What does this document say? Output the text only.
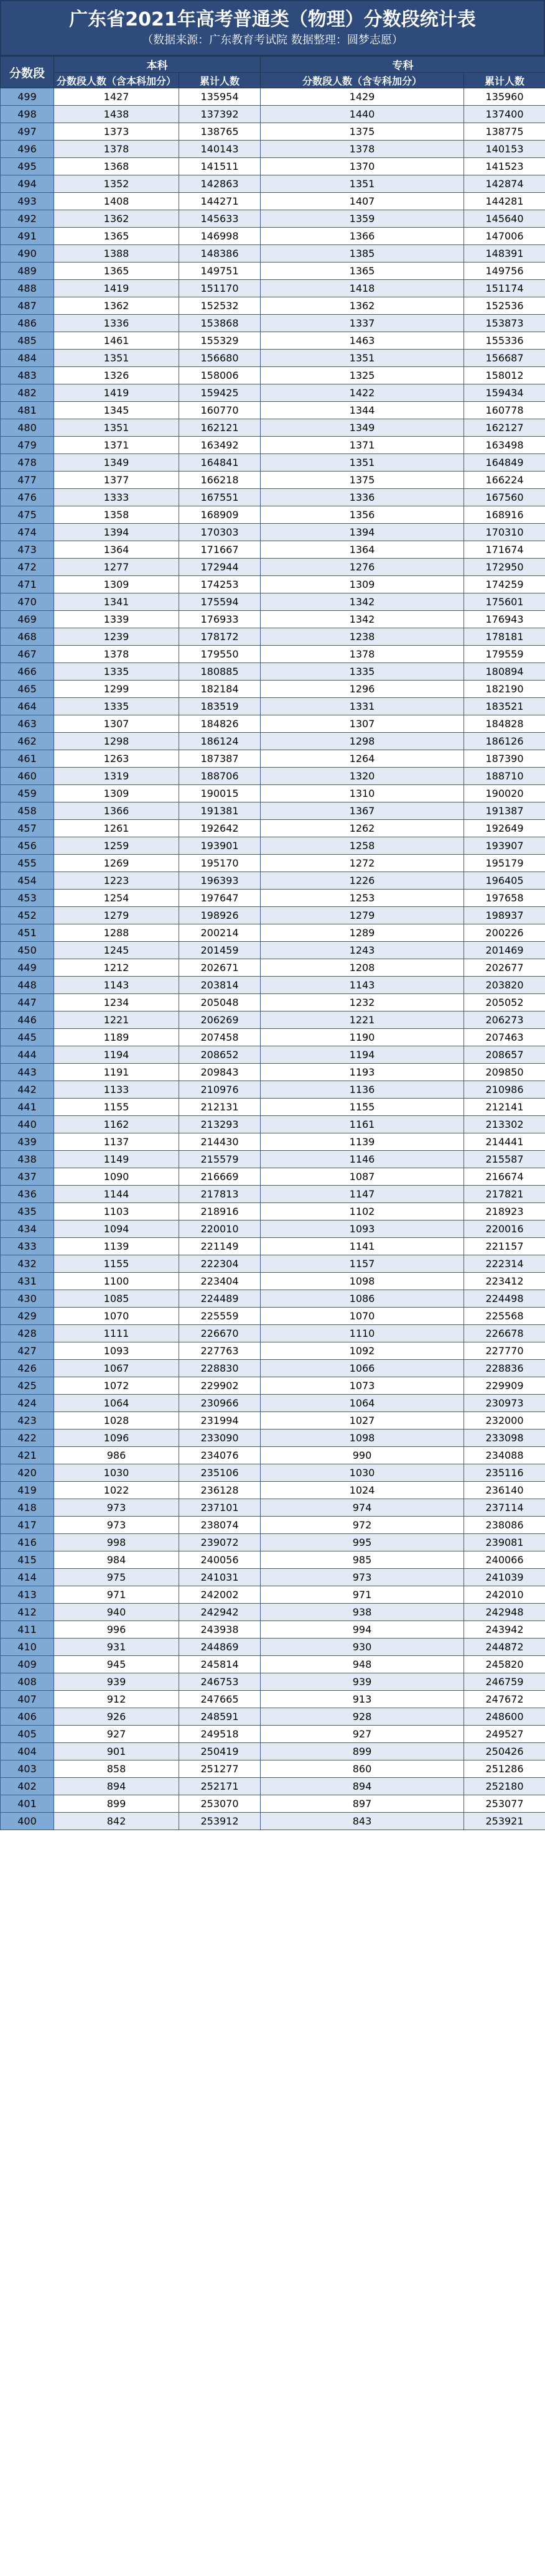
广东省2021年高考普通类（物理）分数段统计表
（数据来源：广东教育考试院 数据整理：圆梦志愿）
分数段	本科		专科	
	分数段人数（含本科加分）	累计人数	分数段人数（含专科加分）	累计人数
499	1427	135954	1429	135960
498	1438	137392	1440	137400
497	1373	138765	1375	138775
496	1378	140143	1378	140153
495	1368	141511	1370	141523
494	1352	142863	1351	142874
493	1408	144271	1407	144281
492	1362	145633	1359	145640
491	1365	146998	1366	147006
490	1388	148386	1385	148391
489	1365	149751	1365	149756
488	1419	151170	1418	151174
487	1362	152532	1362	152536
486	1336	153868	1337	153873
485	1461	155329	1463	155336
484	1351	156680	1351	156687
483	1326	158006	1325	158012
482	1419	159425	1422	159434
481	1345	160770	1344	160778
480	1351	162121	1349	162127
479	1371	163492	1371	163498
478	1349	164841	1351	164849
477	1377	166218	1375	166224
476	1333	167551	1336	167560
475	1358	168909	1356	168916
474	1394	170303	1394	170310
473	1364	171667	1364	171674
472	1277	172944	1276	172950
471	1309	174253	1309	174259
470	1341	175594	1342	175601
469	1339	176933	1342	176943
468	1239	178172	1238	178181
467	1378	179550	1378	179559
466	1335	180885	1335	180894
465	1299	182184	1296	182190
464	1335	183519	1331	183521
463	1307	184826	1307	184828
462	1298	186124	1298	186126
461	1263	187387	1264	187390
460	1319	188706	1320	188710
459	1309	190015	1310	190020
458	1366	191381	1367	191387
457	1261	192642	1262	192649
456	1259	193901	1258	193907
455	1269	195170	1272	195179
454	1223	196393	1226	196405
453	1254	197647	1253	197658
452	1279	198926	1279	198937
451	1288	200214	1289	200226
450	1245	201459	1243	201469
449	1212	202671	1208	202677
448	1143	203814	1143	203820
447	1234	205048	1232	205052
446	1221	206269	1221	206273
445	1189	207458	1190	207463
444	1194	208652	1194	208657
443	1191	209843	1193	209850
442	1133	210976	1136	210986
441	1155	212131	1155	212141
440	1162	213293	1161	213302
439	1137	214430	1139	214441
438	1149	215579	1146	215587
437	1090	216669	1087	216674
436	1144	217813	1147	217821
435	1103	218916	1102	218923
434	1094	220010	1093	220016
433	1139	221149	1141	221157
432	1155	222304	1157	222314
431	1100	223404	1098	223412
430	1085	224489	1086	224498
429	1070	225559	1070	225568
428	1111	226670	1110	226678
427	1093	227763	1092	227770
426	1067	228830	1066	228836
425	1072	229902	1073	229909
424	1064	230966	1064	230973
423	1028	231994	1027	232000
422	1096	233090	1098	233098
421	986	234076	990	234088
420	1030	235106	1030	235116
419	1022	236128	1024	236140
418	973	237101	974	237114
417	973	238074	972	238086
416	998	239072	995	239081
415	984	240056	985	240066
414	975	241031	973	241039
413	971	242002	971	242010
412	940	242942	938	242948
411	996	243938	994	243942
410	931	244869	930	244872
409	945	245814	948	245820
408	939	246753	939	246759
407	912	247665	913	247672
406	926	248591	928	248600
405	927	249518	927	249527
404	901	250419	899	250426
403	858	251277	860	251286
402	894	252171	894	252180
401	899	253070	897	253077
400	842	253912	843	253921
